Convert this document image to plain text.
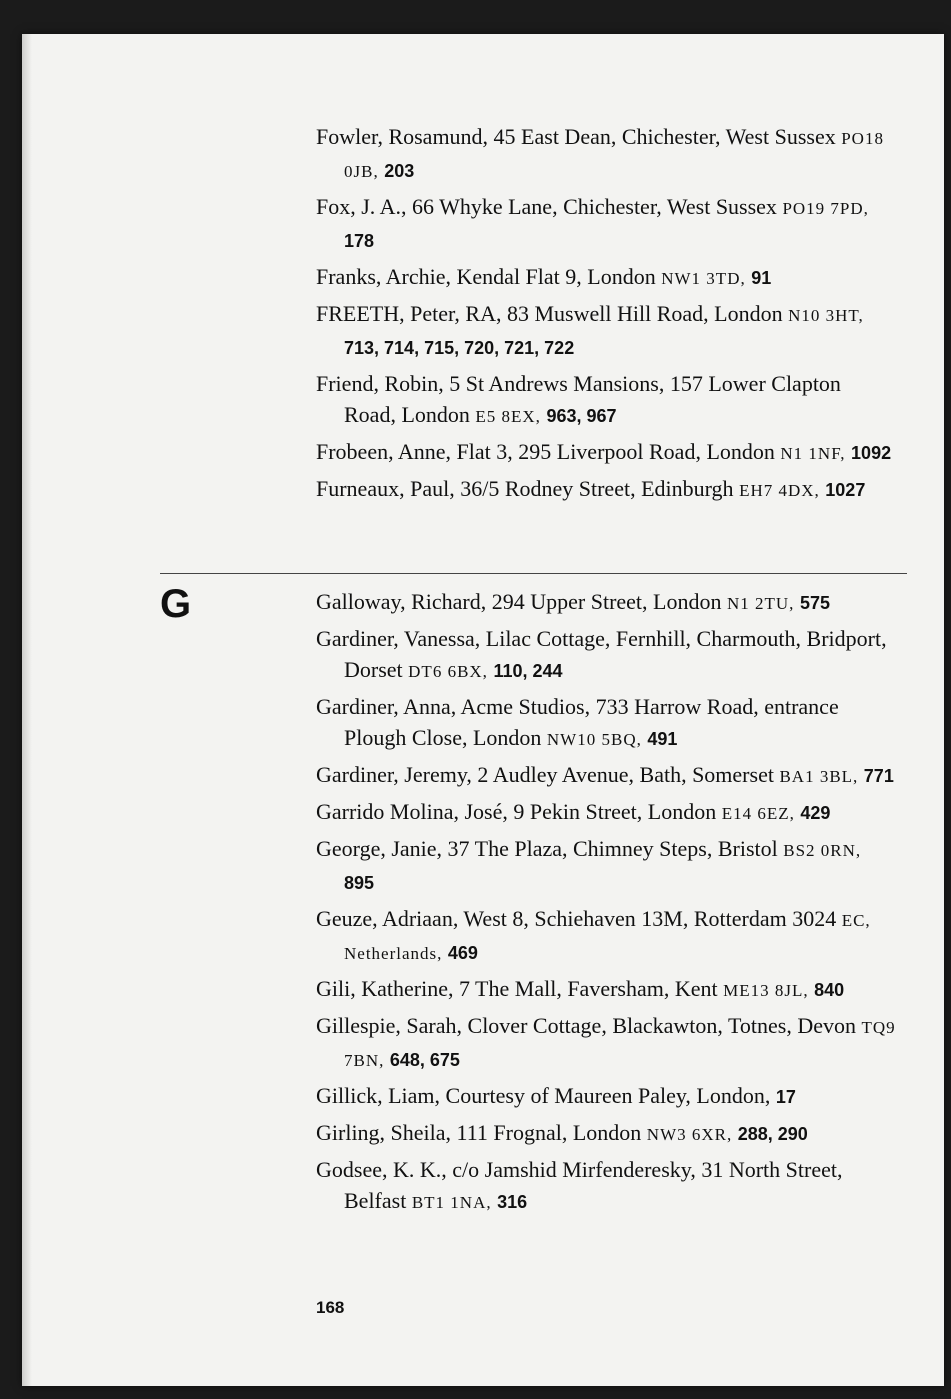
Fowler, Rosamund, 45 East Dean, Chichester, West Sussex PO18 0JB, 203
Fox, J. A., 66 Whyke Lane, Chichester, West Sussex PO19 7PD, 178
Franks, Archie, Kendal Flat 9, London NW1 3TD, 91
FREETH, Peter, RA, 83 Muswell Hill Road, London N10 3HT, 713, 714, 715, 720, 721, 722
Friend, Robin, 5 St Andrews Mansions, 157 Lower Clapton Road, London E5 8EX, 963, 967
Frobeen, Anne, Flat 3, 295 Liverpool Road, London N1 1NF, 1092
Furneaux, Paul, 36/5 Rodney Street, Edinburgh EH7 4DX, 1027
G	Galloway, Richard, 294 Upper Street, London N1 2TU, 575
Gardiner, Vanessa, Lilac Cottage, Fernhill, Charmouth, Bridport, Dorset DT6 6BX, 110, 244
Gardiner, Anna, Acme Studios, 733 Harrow Road, entrance Plough Close, London NW10 5BQ, 491
Gardiner, Jeremy, 2 Audley Avenue, Bath, Somerset BA1 3BL, 771
Garrido Molina, José, 9 Pekin Street, London E14 6EZ, 429
George, Janie, 37 The Plaza, Chimney Steps, Bristol BS2 0RN, 895
Geuze, Adriaan, West 8, Schiehaven 13M, Rotterdam 3024 EC, Netherlands, 469
Gili, Katherine, 7 The Mall, Faversham, Kent ME13 8JL, 840
Gillespie, Sarah, Clover Cottage, Blackawton, Totnes, Devon TQ9 7BN, 648, 675
Gillick, Liam, Courtesy of Maureen Paley, London, 17
Girling, Sheila, 111 Frognal, London NW3 6XR, 288, 290
Godsee, K. K., c/o Jamshid Mirfenderesky, 31 North Street, Belfast BT1 1NA, 316
168
